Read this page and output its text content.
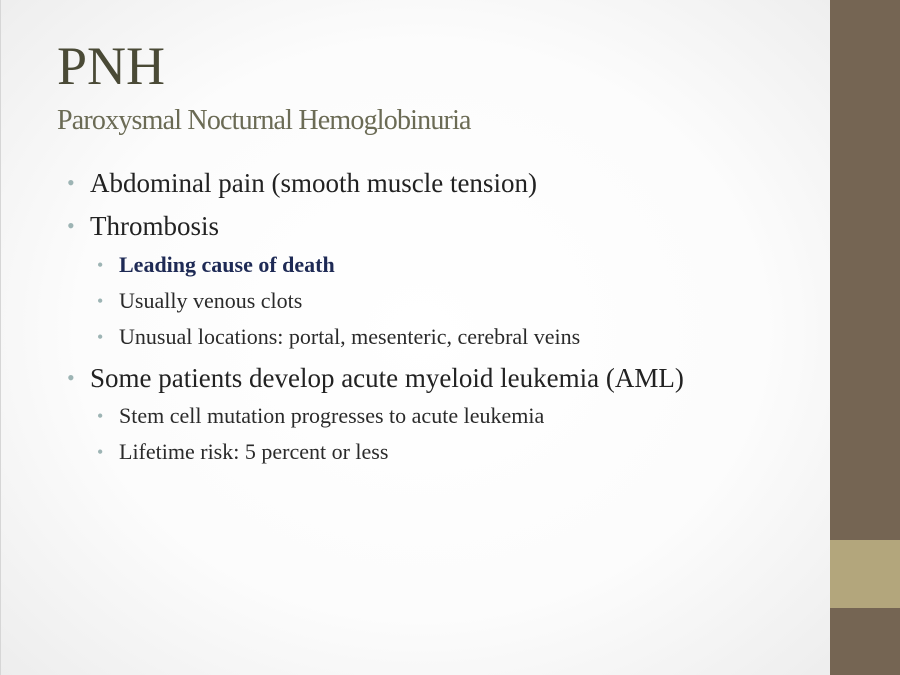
PNH
Paroxysmal Nocturnal Hemoglobinuria
• Abdominal pain (smooth muscle tension)
• Thrombosis
• Leading cause of death
• Usually venous clots
• Unusual locations: portal, mesenteric, cerebral veins
• Some patients develop acute myeloid leukemia (AML)
• Stem cell mutation progresses to acute leukemia
• Lifetime risk: 5 percent or less
